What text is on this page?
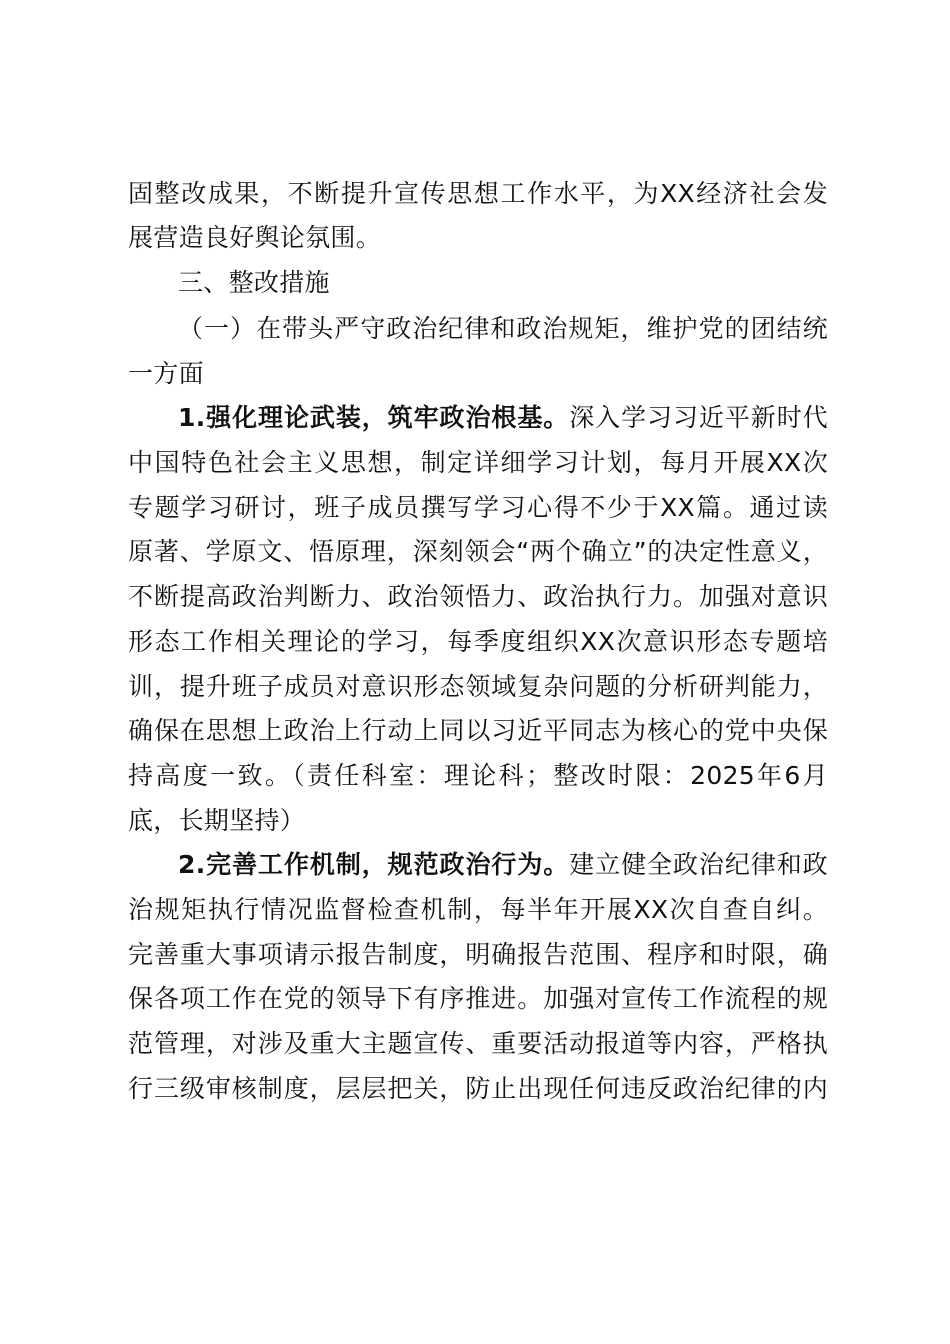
固整改成果，不断提升宣传思想工作水平，为XX经济社会发
展营造良好舆论氛围。
三、整改措施
（一）在带头严守政治纪律和政治规矩，维护党的团结统
一方面
1.强化理论武装，筑牢政治根基。深入学习习近平新时代
中国特色社会主义思想，制定详细学习计划，每月开展XX次
专题学习研讨，班子成员撰写学习心得不少于XX篇。通过读
原著、学原文、悟原理，深刻领会“两个确立”的决定性意义，
不断提高政治判断力、政治领悟力、政治执行力。加强对意识
形态工作相关理论的学习，每季度组织XX次意识形态专题培
训，提升班子成员对意识形态领域复杂问题的分析研判能力，
确保在思想上政治上行动上同以习近平同志为核心的党中央保
持高度一致。（责任科室：理论科；整改时限：2025年6月
底，长期坚持）
2.完善工作机制，规范政治行为。建立健全政治纪律和政
治规矩执行情况监督检查机制，每半年开展XX次自查自纠。
完善重大事项请示报告制度，明确报告范围、程序和时限，确
保各项工作在党的领导下有序推进。加强对宣传工作流程的规
范管理，对涉及重大主题宣传、重要活动报道等内容，严格执
行三级审核制度，层层把关，防止出现任何违反政治纪律的内
